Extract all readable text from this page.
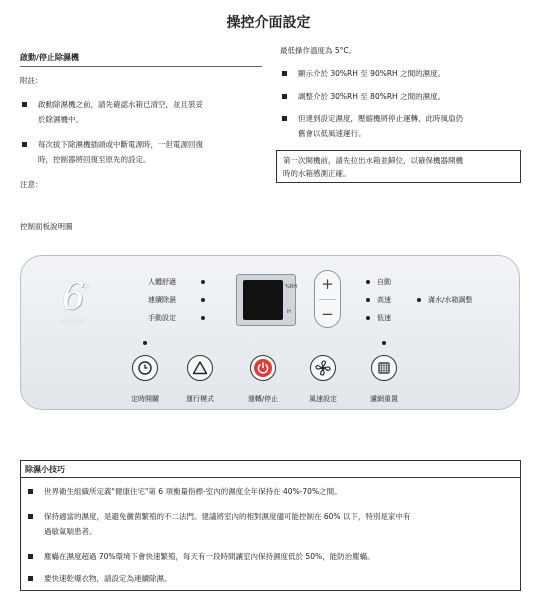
操控介面設定
啟動/停止除濕機
附註：
啟動除濕機之前，請先確認水箱已清空，並且裝妥
於除濕機中。
每次拔下除濕機插頭或中斷電源時，一但電源回復
時，控制器將回復至原先的設定。
注意：
最低操作溫度為 5°C。
顯示介於 30%RH 至 90%RH 之間的濕度。
調整介於 30%RH 至 80%RH 之間的濕度。
但達到設定濕度，壓縮機將停止運轉，此時風扇仍
舊會以低風速運行。
第一次開機前，請先拉出水箱並歸位，以確保機器開機
時的水箱感測正確。
控制面板說明圖
6 th
sense
人體舒適
連續除濕
手動設定
%RH
H
+
−
自動
高速
低速
滿水/水箱調整
定時開關	運行模式	運轉/停止	風速設定	濾網重置
除濕小技巧
世界衛生組織所定義"健康住宅"第 6 項衡量指標-室內的濕度全年保持在 40%-70%之間。
保持適當的濕度，是避免黴菌繁殖的不二法門。建議將室內的相對濕度儘可能控制在 60% 以下，特別是家中有
過敏氣喘患者。
塵蟎在濕度超過 70%環境下會快速繁殖，每天有一段時間讓室內保持濕度低於 50%，能防治塵蟎。
要快速乾爆衣物，請設定為連續除濕。
